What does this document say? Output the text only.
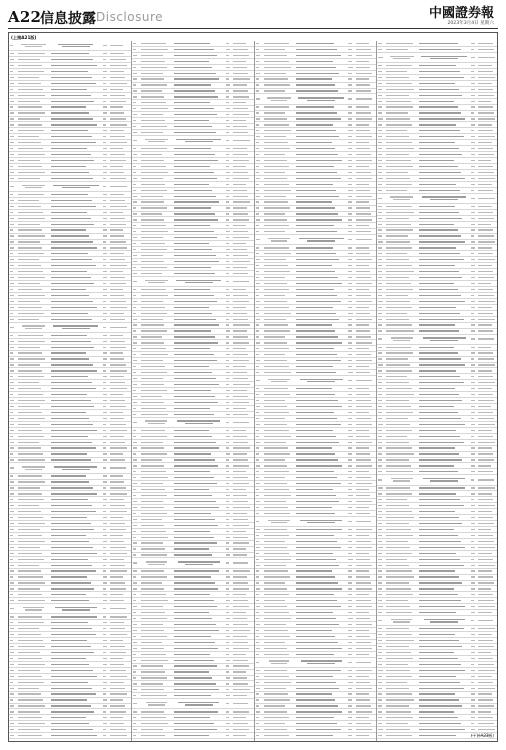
A22
信息披露 Disclosure	中國證券報
2023年3月4日 星期六
(上接A21版)
(下转A23版)
